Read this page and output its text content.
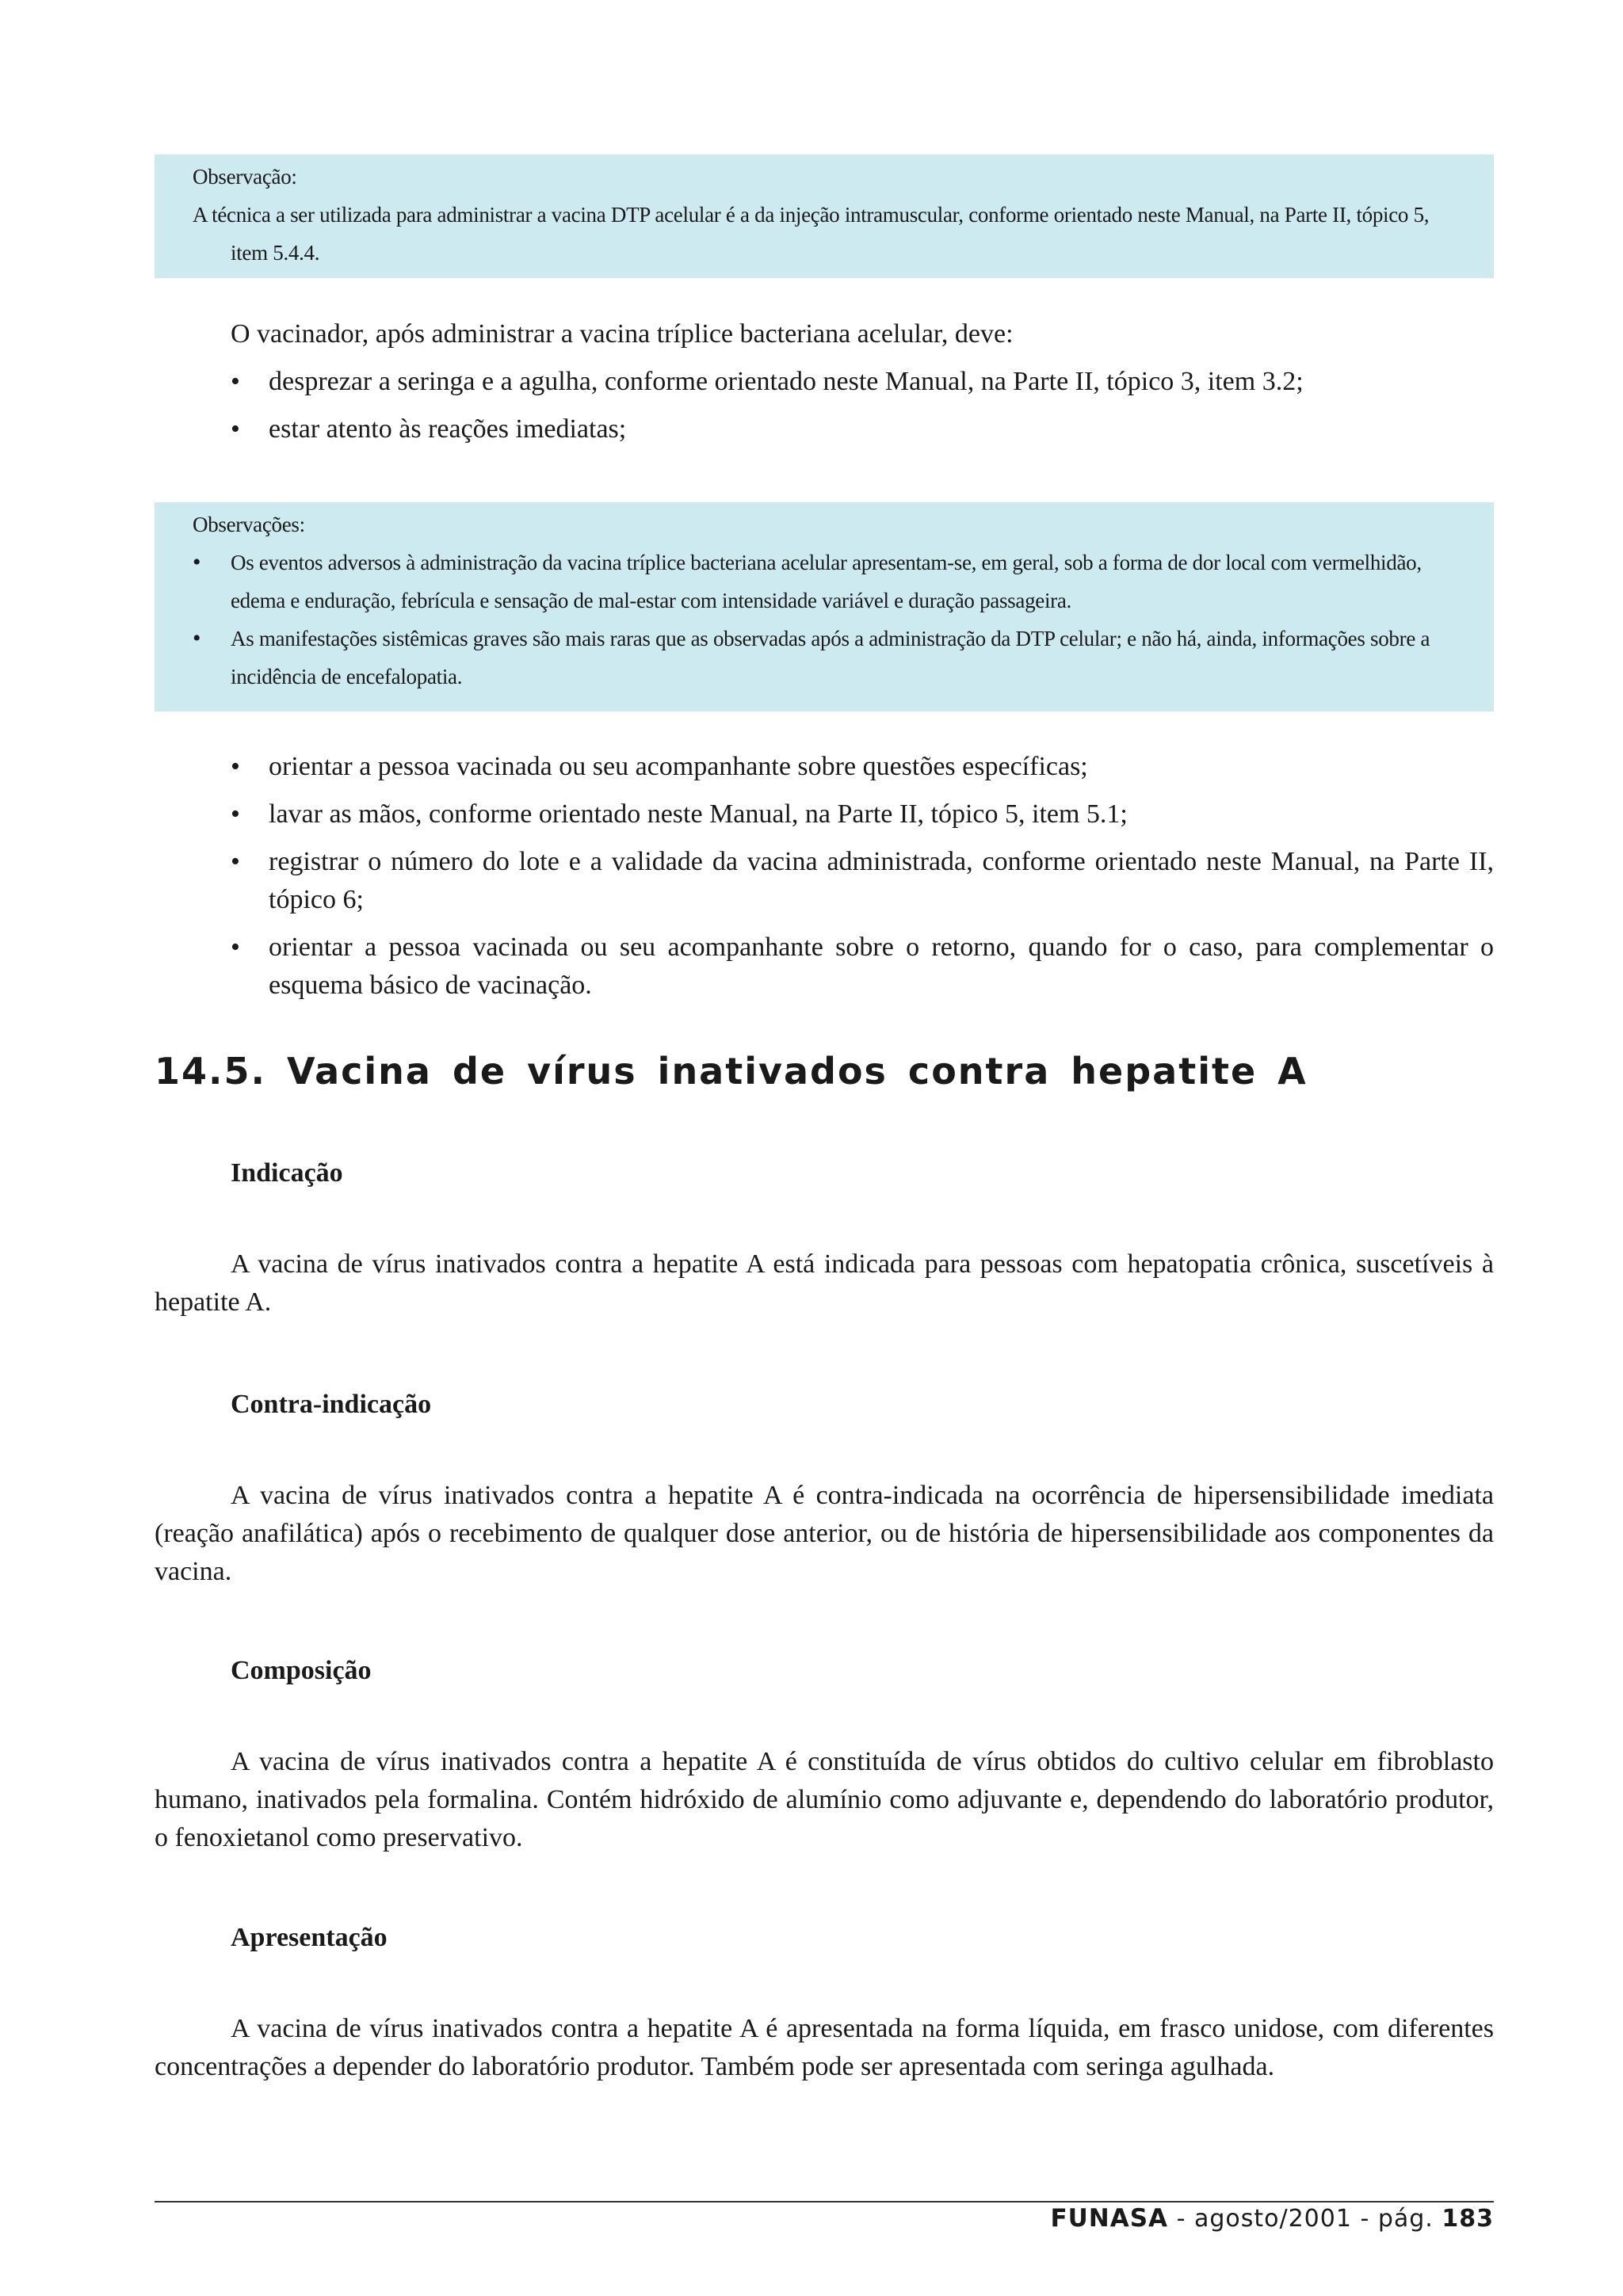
Observação:

A técnica a ser utilizada para administrar a vacina DTP acelular é a da injeção intramuscular, conforme orientado neste Manual, na Parte II, tópico 5, item 5.4.4.

O vacinador, após administrar a vacina tríplice bacteriana acelular, deve:

• desprezar a seringa e a agulha, conforme orientado neste Manual, na Parte II, tópico 3, item 3.2;
• estar atento às reações imediatas;

Observações:

• Os eventos adversos à administração da vacina tríplice bacteriana acelular apresentam-se, em geral, sob a forma de dor local com vermelhidão, edema e enduração, febrícula e sensação de mal-estar com intensidade variável e duração passageira.
• As manifestações sistêmicas graves são mais raras que as observadas após a administração da DTP celular; e não há, ainda, informações sobre a incidência de encefalopatia.
• orientar a pessoa vacinada ou seu acompanhante sobre questões específicas;
• lavar as mãos, conforme orientado neste Manual, na Parte II, tópico 5, item 5.1;
• registrar o número do lote e a validade da vacina administrada, conforme orientado neste Manual, na Parte II, tópico 6;
• orientar a pessoa vacinada ou seu acompanhante sobre o retorno, quando for o caso, para complementar o esquema básico de vacinação.
14.5. Vacina de vírus inativados contra hepatite A
Indicação

A vacina de vírus inativados contra a hepatite A está indicada para pessoas com hepatopatia crônica, suscetíveis à hepatite A.

Contra-indicação

A vacina de vírus inativados contra a hepatite A é contra-indicada na ocorrência de hipersensibilidade imediata (reação anafilática) após o recebimento de qualquer dose anterior, ou de história de hipersensibilidade aos componentes da vacina.

Composição

A vacina de vírus inativados contra a hepatite A é constituída de vírus obtidos do cultivo celular em fibroblasto humano, inativados pela formalina. Contém hidróxido de alumínio como adjuvante e, dependendo do laboratório produtor, o fenoxietanol como preservativo.

Apresentação

A vacina de vírus inativados contra a hepatite A é apresentada na forma líquida, em frasco unidose, com diferentes concentrações a depender do laboratório produtor. Também pode ser apresentada com seringa agulhada.

FUNASA - agosto/2001 - pág. 183
